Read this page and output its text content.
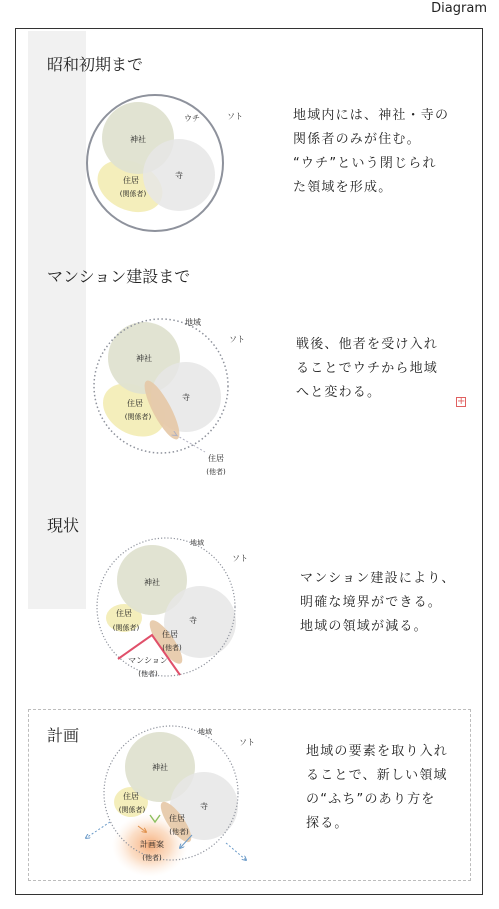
Diagram
昭和初期まで
マンション建設まで
現状
計画
地域内には、神社・寺の
関係者のみが住む。
“ウチ”という閉じられ
た領域を形成。
戦後、他者を受け入れ
ることでウチから地域
へと変わる。
マンション建設により、
明確な境界ができる。
地域の領域が減る。
地域の要素を取り入れ
ることで、新しい領域
の“ふち”のあり方を
探る。
+
神社
寺
ウチ	ソト
住居
(関係者)
神社
寺
地域
ソト
住居
(関係者)
住居
(他者)
神社
寺
地域
ソト
住居
(関係者)
住居
(他者)
マンション
(他者)
神社
寺
地域
ソト
住居
(関係者)
住居
(他者)
計画案
(他者)
